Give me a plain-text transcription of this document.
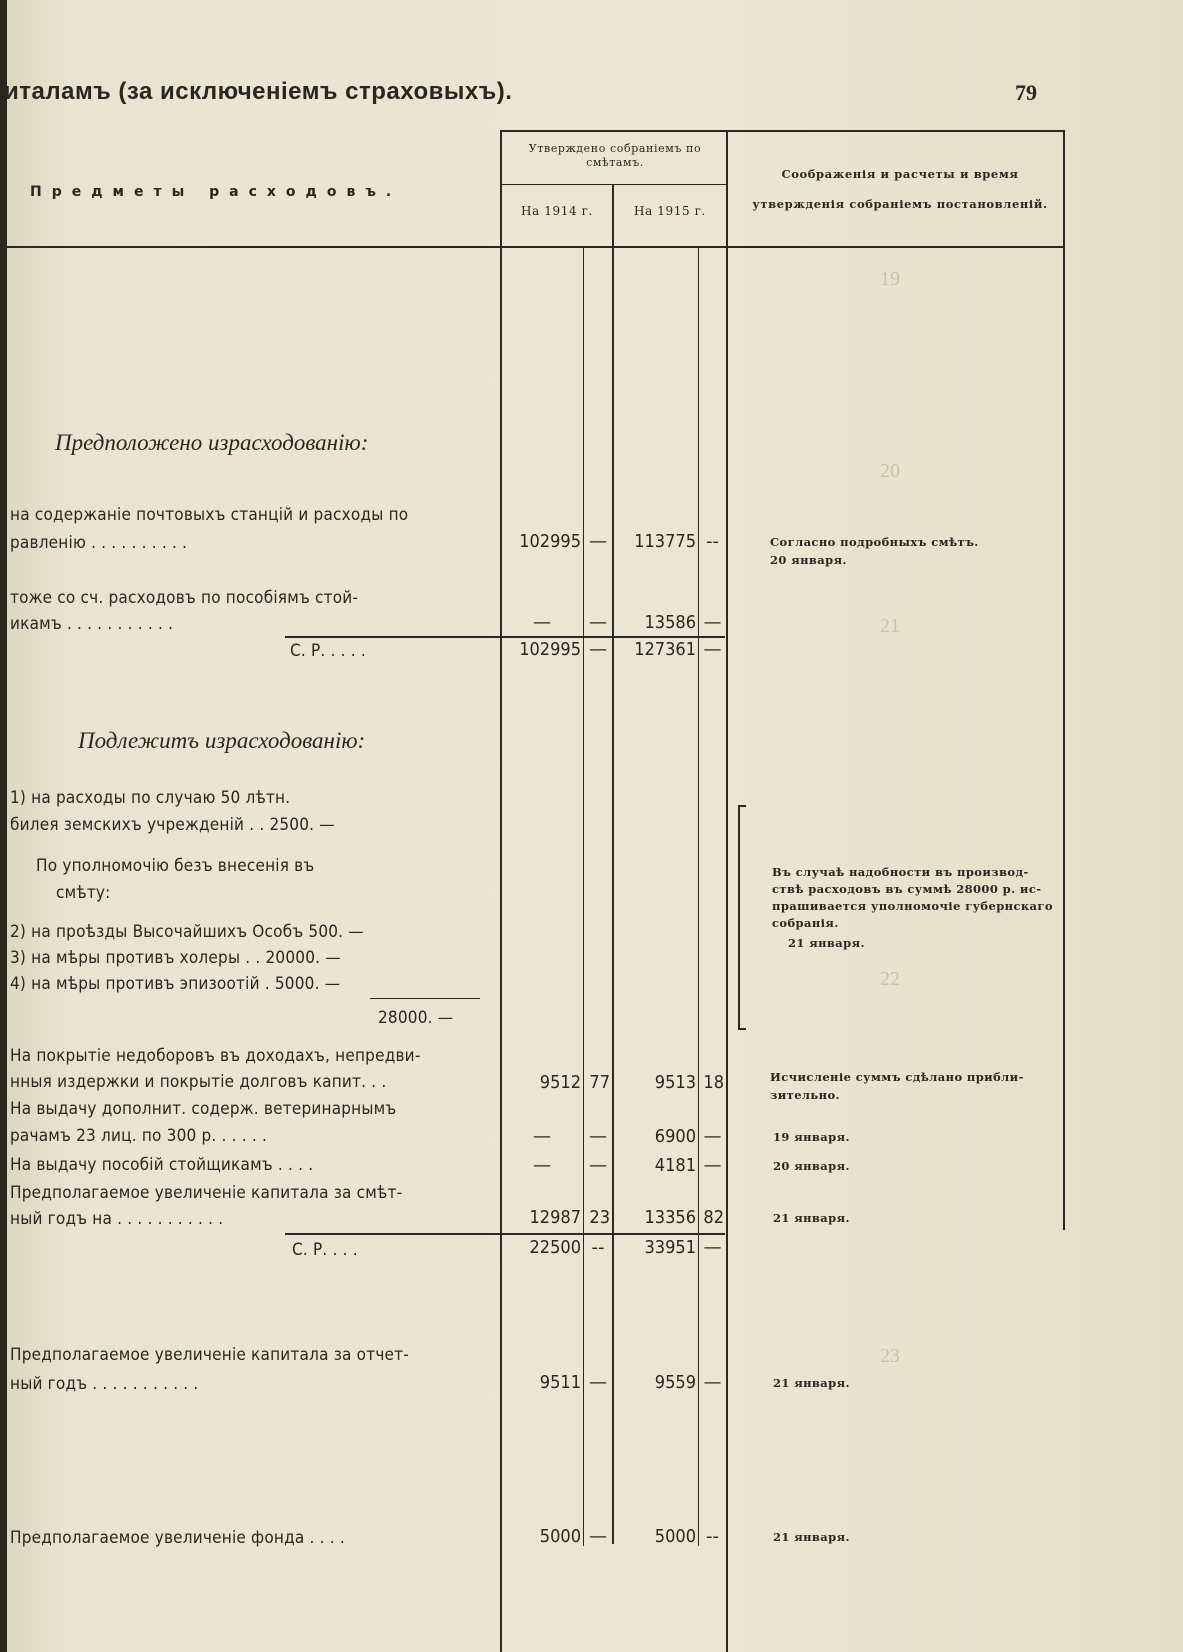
19
20
21
22
23
италамъ (за исключеніемъ страховыхъ).	79
Предметы расходовъ.
Утверждено собраніемъ по смѣтамъ.
На 1914 г.	На 1915 г.
Соображенія и расчеты и время утвержденія собраніемъ постановленій.
Предположено израсходованію:
на содержаніе почтовыхъ станцій и расходы по
равленію . . . . . . . . . .	102995 —	113775 --	Согласно подробныхъ смѣтъ.
20 января.
тоже со сч. расходовъ по пособіямъ стой-
икамъ . . . . . . . . . . .	—	—	13586 —
С. Р. . . . .	102995 —	127361 —
Подлежитъ израсходованію:
1) на расходы по случаю 50 лѣтн.
билея земскихъ учрежденій . . 2500. —
По уполномочію безъ внесенія въ
смѣту:
2) на проѣзды Высочайшихъ Особъ 500. —
3) на мѣры противъ холеры . . 20000. —
4) на мѣры противъ эпизоотій . 5000. —
28000. —
Въ случаѣ надобности въ производ-
ствѣ расходовъ въ суммѣ 28000 р. ис-
прашивается уполномочіе губернскаго
собранія.
21 января.
На покрытіе недоборовъ въ доходахъ, непредви-
нныя издержки и покрытіе долговъ капит. . .	9512 77	9513 18	Исчисленіе суммъ сдѣлано прибли-
зительно.
На выдачу дополнит. содерж. ветеринарнымъ
рачамъ 23 лиц. по 300 р. . . . . .	—	—	6900 —	19 января.
На выдачу пособій стойщикамъ . . . .	—	—	4181 —	20 января.
Предполагаемое увеличеніе капитала за смѣт-
ный годъ на . . . . . . . . . . .	12987 23	13356 82	21 января.
С. Р. . . .	22500 --	33951 —
Предполагаемое увеличеніе капитала за отчет-
ный годъ . . . . . . . . . . .	9511 —	9559 —	21 января.
Предполагаемое увеличеніе фонда . . . .	5000 —	5000 --	21 января.
